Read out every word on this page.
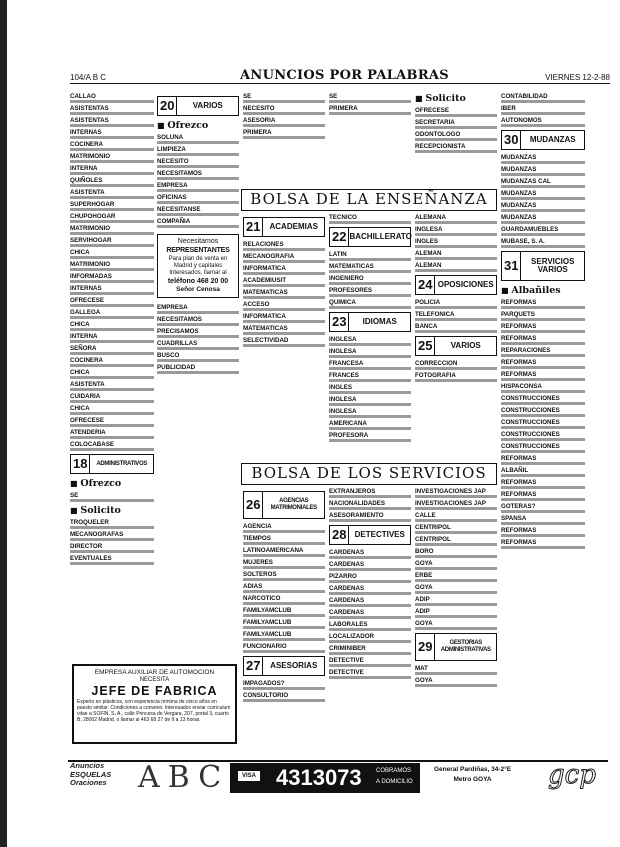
104/A B C	ANUNCIOS POR PALABRAS	VIERNES 12-2-88
CALLAO
ASISTENTAS
ASISTENTAS
INTERNAS
COCINERA
MATRIMONIO
INTERNA
QUIÑOLES
ASISTENTA
SUPERHOGAR
CHUPOHOGAR
MATRIMONIO
SERVIHOGAR
CHICA
MATRIMONIO
INFORMADAS
INTERNAS
OFRECESE
GALLEGA
CHICA
INTERNA
SEÑORA
COCINERA
CHICA
ASISTENTA
CUIDARIA
CHICA
OFRECESE
ATENDERIA
COLOCABASE
18	ADMINISTRATIVOS
■ Ofrezco
SE
■ Solicito
TROQUELER
MECANOGRAFAS
DIRECTOR
EVENTUALES
20	VARIOS
■ Ofrezco
SOLUNA
LIMPIEZA
NECESITO
NECESITAMOS
EMPRESA
OFICINAS
NECESITANSE
COMPAÑIA
Necesitamos
REPRESENTANTES
Para plan de venta en Madrid y capitales
Interesados, llamar al
teléfono 468 20 00
Señor Cenosa
EMPRESA
NECESITAMOS
PRECISAMOS
CUADRILLAS
BUSCO
PUBLICIDAD
SE
NECESITO
ASESORIA
PRIMERA
SE
PRIMERA
■ Solicito
OFRECESE
SECRETARIA
ODONTOLOGO
RECEPCIONISTA
CONTABILIDAD
IBER
AUTONOMOS
30	MUDANZAS
MUDANZAS
MUDANZAS
MUDANZAS CAL
MUDANZAS
MUDANZAS
MUDANZAS
GUARDAMUEBLES
MUBASE, S. A.
31	SERVICIOS VARIOS
■ Albañiles
REFORMAS
PARQUETS
REFORMAS
REFORMAS
REPARACIONES
REFORMAS
REFORMAS
HISPACONSA
CONSTRUCCIONES
CONSTRUCCIONES
CONSTRUCCIONES
CONSTRUCCIONES
CONSTRUCCIONES
REFORMAS
ALBAÑIL
REFORMAS
REFORMAS
GOTERAS?
SPANSA
REFORMAS
REFORMAS
BOLSA DE LA ENSEÑANZA
21	ACADEMIAS
RELACIONES
MECANOGRAFIA
INFORMATICA
ACADEMIUSIT
MATEMATICAS
ACCESO
INFORMATICA
MATEMATICAS
SELECTIVIDAD
TECNICO
22 BACHILLERATO
LATIN
MATEMATICAS
INGENIERO
PROFESORES
QUIMICA
23	IDIOMAS
INGLESA
INGLESA
FRANCESA
FRANCES
INGLES
INGLESA
INGLESA
AMERICANA
PROFESORA
ALEMANA
INGLESA
INGLES
ALEMAN
ALEMAN
24 OPOSICIONES
POLICIA
TELEFONICA
BANCA
25	VARIOS
CORRECCION
FOTOGRAFIA
BOLSA DE LOS SERVICIOS
26	AGENCIAS MATRIMONIALES
AGENCIA
TIEMPOS
LATINOAMERICANA
MUJERES
SOLTEROS
ADIAS
NARCOTICO
FAMILYAMCLUB
FAMILYAMCLUB
FAMILYAMCLUB
FUNCIONARIO
27	ASESORIAS
IMPAGADOS?
CONSULTORIO
EXTRANJEROS
NACIONALIDADES
ASESORAMIENTO
28	DETECTIVES
CARDENAS
CARDENAS
PIZARRO
CARDENAS
CARDENAS
CARDENAS
LABORALES
LOCALIZADOR
CRIMINIBER
DETECTIVE
DETECTIVE
INVESTIGACIONES JAP
INVESTIGACIONES JAP
CALLE
CENTRIPOL
CENTRIPOL
BORO
GOYA
ERBE
GOYA
ADIP
ADIP
GOYA
29	GESTORIAS ADMINISTRATIVAS
MAT
GOYA
EMPRESA AUXILIAR DE AUTOMOCION
NECESITA
JEFE DE FABRICA
Experto en plásticos, con experiencia mínima de cinco años en puesto similar. Condiciones a convenir. Interesados enviar curriculum vitae a SOFIN, S. A., calle Princesa de Vergara, 207, portal 3, cuarto B, 28002 Madrid, o llamar al 463 68 27 de 9 a 13 horas.
Anuncios
ESQUELAS
Oraciones ABC	VISA 4313073 COBRAMOS
A DOMICILIO
General Pardiñas, 34-2°E
Metro GOYA	gcp
